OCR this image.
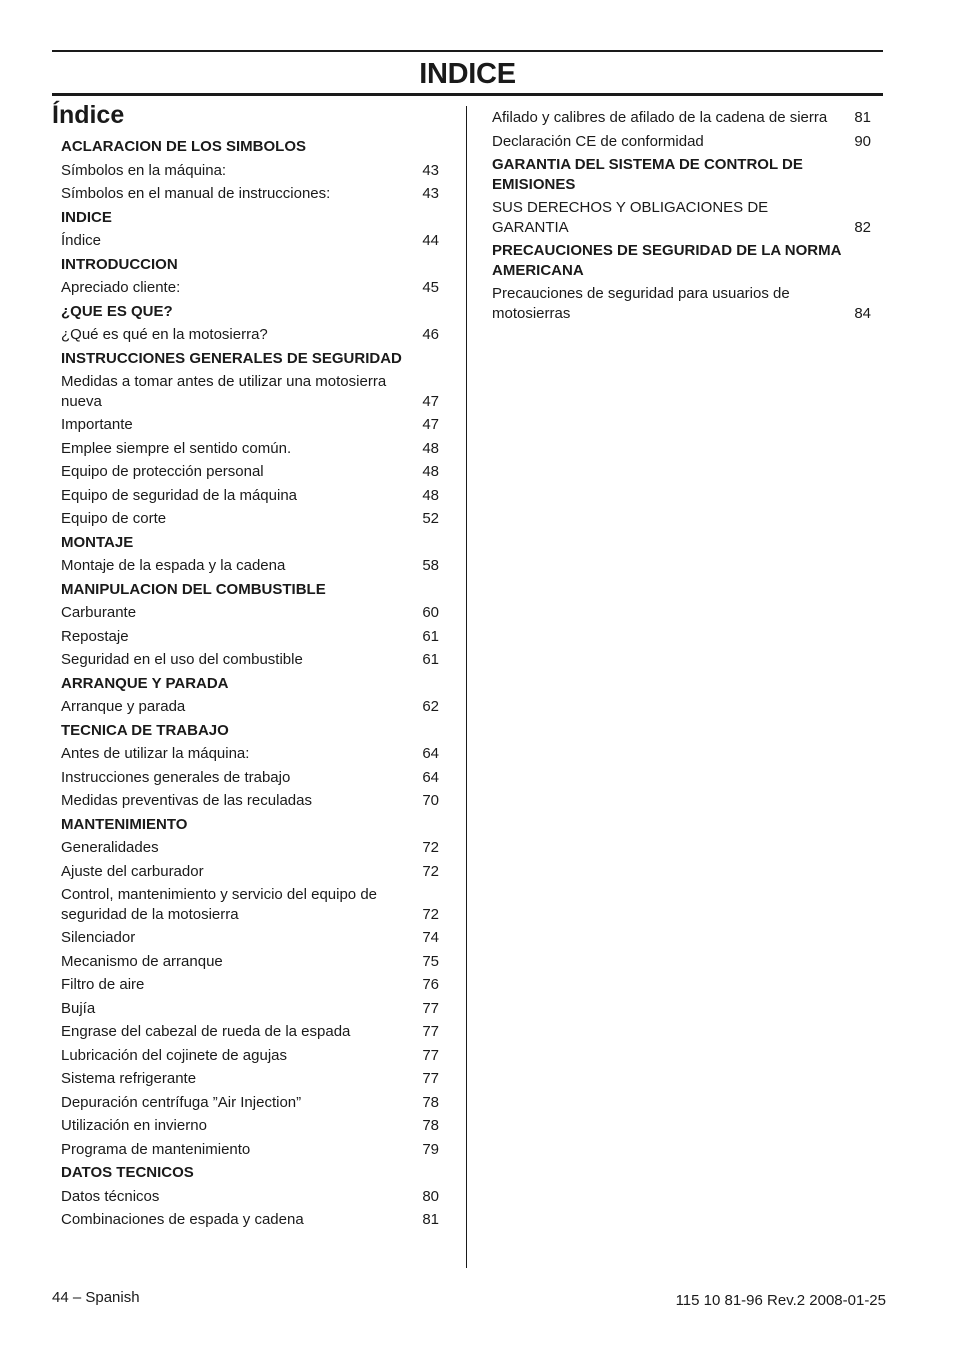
INDICE
Índice
ACLARACION DE LOS SIMBOLOS
Símbolos en la máquina:	43
Símbolos en el manual de instrucciones:	43
INDICE
Índice	44
INTRODUCCION
Apreciado cliente:	45
¿QUE ES QUE?
¿Qué es qué en la motosierra?	46
INSTRUCCIONES GENERALES DE SEGURIDAD
Medidas a tomar antes de utilizar una motosierra nueva	47
Importante	47
Emplee siempre el sentido común.	48
Equipo de protección personal	48
Equipo de seguridad de la máquina	48
Equipo de corte	52
MONTAJE
Montaje de la espada y la cadena	58
MANIPULACION DEL COMBUSTIBLE
Carburante	60
Repostaje	61
Seguridad en el uso del combustible	61
ARRANQUE Y PARADA
Arranque y parada	62
TECNICA DE TRABAJO
Antes de utilizar la máquina:	64
Instrucciones generales de trabajo	64
Medidas preventivas de las reculadas	70
MANTENIMIENTO
Generalidades	72
Ajuste del carburador	72
Control, mantenimiento y servicio del equipo de seguridad de la motosierra	72
Silenciador	74
Mecanismo de arranque	75
Filtro de aire	76
Bujía	77
Engrase del cabezal de rueda de la espada	77
Lubricación del cojinete de agujas	77
Sistema refrigerante	77
Depuración centrífuga ”Air Injection”	78
Utilización en invierno	78
Programa de mantenimiento	79
DATOS TECNICOS
Datos técnicos	80
Combinaciones de espada y cadena	81
Afilado y calibres de afilado de la cadena de sierra	81
Declaración CE de conformidad	90
GARANTIA DEL SISTEMA DE CONTROL DE EMISIONES
SUS DERECHOS Y OBLIGACIONES DE GARANTIA	82
PRECAUCIONES DE SEGURIDAD DE LA NORMA AMERICANA
Precauciones de seguridad para usuarios de motosierras	84
44 – Spanish	115 10 81-96 Rev.2 2008-01-25
